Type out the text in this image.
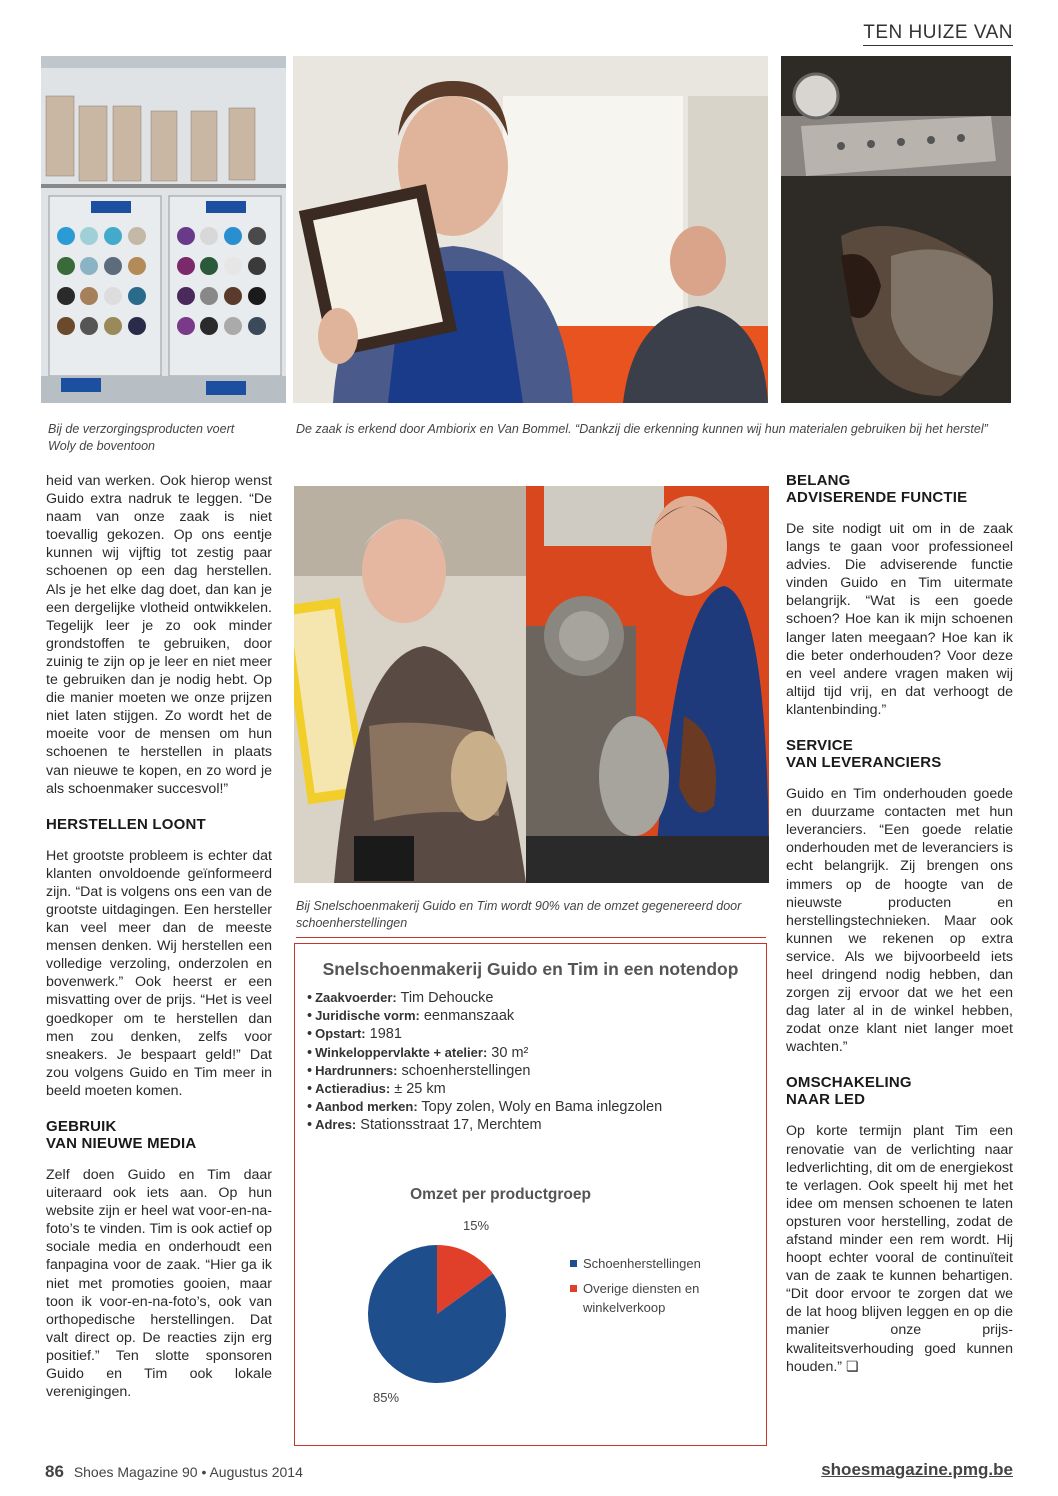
TEN HUIZE VAN
Bij de verzorgingsproducten voert Woly de boventoon
De zaak is erkend door Ambiorix en Van Bommel. “Dankzij die erkenning kunnen wij hun materialen gebruiken bij het herstel”
Bij Snelschoenmakerij Guido en Tim wordt 90% van de omzet gegenereerd door schoenherstellingen

heid van werken. Ook hierop wenst Guido extra nadruk te leggen. “De naam van onze zaak is niet toevallig gekozen. Op ons eentje kunnen wij vijftig tot zestig paar schoenen op een dag herstellen. Als je het elke dag doet, dan kan je een dergelijke vlotheid ontwikkelen. Tegelijk leer je zo ook minder grondstoffen te gebruiken, door zuinig te zijn op je leer en niet meer te gebruiken dan je nodig hebt. Op die manier moeten we onze prijzen niet laten stijgen. Zo wordt het de moeite voor de mensen om hun schoenen te herstellen in plaats van nieuwe te kopen, en zo word je als schoenmaker succesvol!”

HERSTELLEN LOONT

Het grootste probleem is echter dat klanten onvoldoende geïnformeerd zijn. “Dat is volgens ons een van de grootste uitdagingen. Een hersteller kan veel meer dan de meeste mensen denken. Wij herstellen een volledige verzoling, onderzolen en bovenwerk.” Ook heerst er een misvatting over de prijs. “Het is veel goedkoper om te herstellen dan men zou denken, zelfs voor sneakers. Je bespaart geld!” Dat zou volgens Guido en Tim meer in beeld moeten komen.

GEBRUIK
VAN NIEUWE MEDIA

Zelf doen Guido en Tim daar uiteraard ook iets aan. Op hun website zijn er heel wat voor-en-na-foto’s te vinden. Tim is ook actief op sociale media en onderhoudt een fanpagina voor de zaak. “Hier ga ik niet met promoties gooien, maar toon ik voor-en-na-foto’s, ook van orthopedische herstellingen. Dat valt direct op. De reacties zijn erg positief.” Ten slotte sponsoren Guido en Tim ook lokale verenigingen.

BELANG
ADVISERENDE FUNCTIE

De site nodigt uit om in de zaak langs te gaan voor professioneel advies. Die adviserende functie vinden Guido en Tim uitermate belangrijk. “Wat is een goede schoen? Hoe kan ik mijn schoenen langer laten meegaan? Hoe kan ik die beter onderhouden? Voor deze en veel andere vragen maken wij altijd tijd vrij, en dat verhoogt de klantenbinding.”

SERVICE
VAN LEVERANCIERS

Guido en Tim onderhouden goede en duurzame contacten met hun leveranciers. “Een goede relatie onderhouden met de leveranciers is echt belangrijk. Zij brengen ons immers op de hoogte van de nieuwste producten en herstellingstechnieken. Maar ook kunnen we rekenen op extra service. Als we bijvoorbeeld iets heel dringend nodig hebben, dan zorgen zij ervoor dat we het een dag later al in de winkel hebben, zodat onze klant niet langer moet wachten.”

OMSCHAKELING
NAAR LED

Op korte termijn plant Tim een renovatie van de verlichting naar ledverlichting, dit om de energiekost te verlagen. Ook speelt hij met het idee om mensen schoenen te laten opsturen voor herstelling, zodat de afstand minder een rem wordt. Hij hoopt echter vooral de continuïteit van de zaak te kunnen behartigen. “Dit door ervoor te zorgen dat we de lat hoog blijven leggen en op die manier onze prijs-kwaliteitsverhouding goed kunnen houden.” ❏

Snelschoenmakerij Guido en Tim in een notendop
• Zaakvoerder: Tim Dehoucke
• Juridische vorm: eenmanszaak
• Opstart: 1981
• Winkeloppervlakte + atelier: 30 m²
• Hardrunners: schoenherstellingen
• Actieradius: ± 25 km
• Aanbod merken: Topy zolen, Woly en Bama inlegzolen
• Adres: Stationsstraat 17, Merchtem
Omzet per productgroep
15%
85%
Schoenherstellingen
Overige diensten en winkelverkoop
86 Shoes Magazine 90 • Augustus 2014	shoesmagazine.pmg.be
